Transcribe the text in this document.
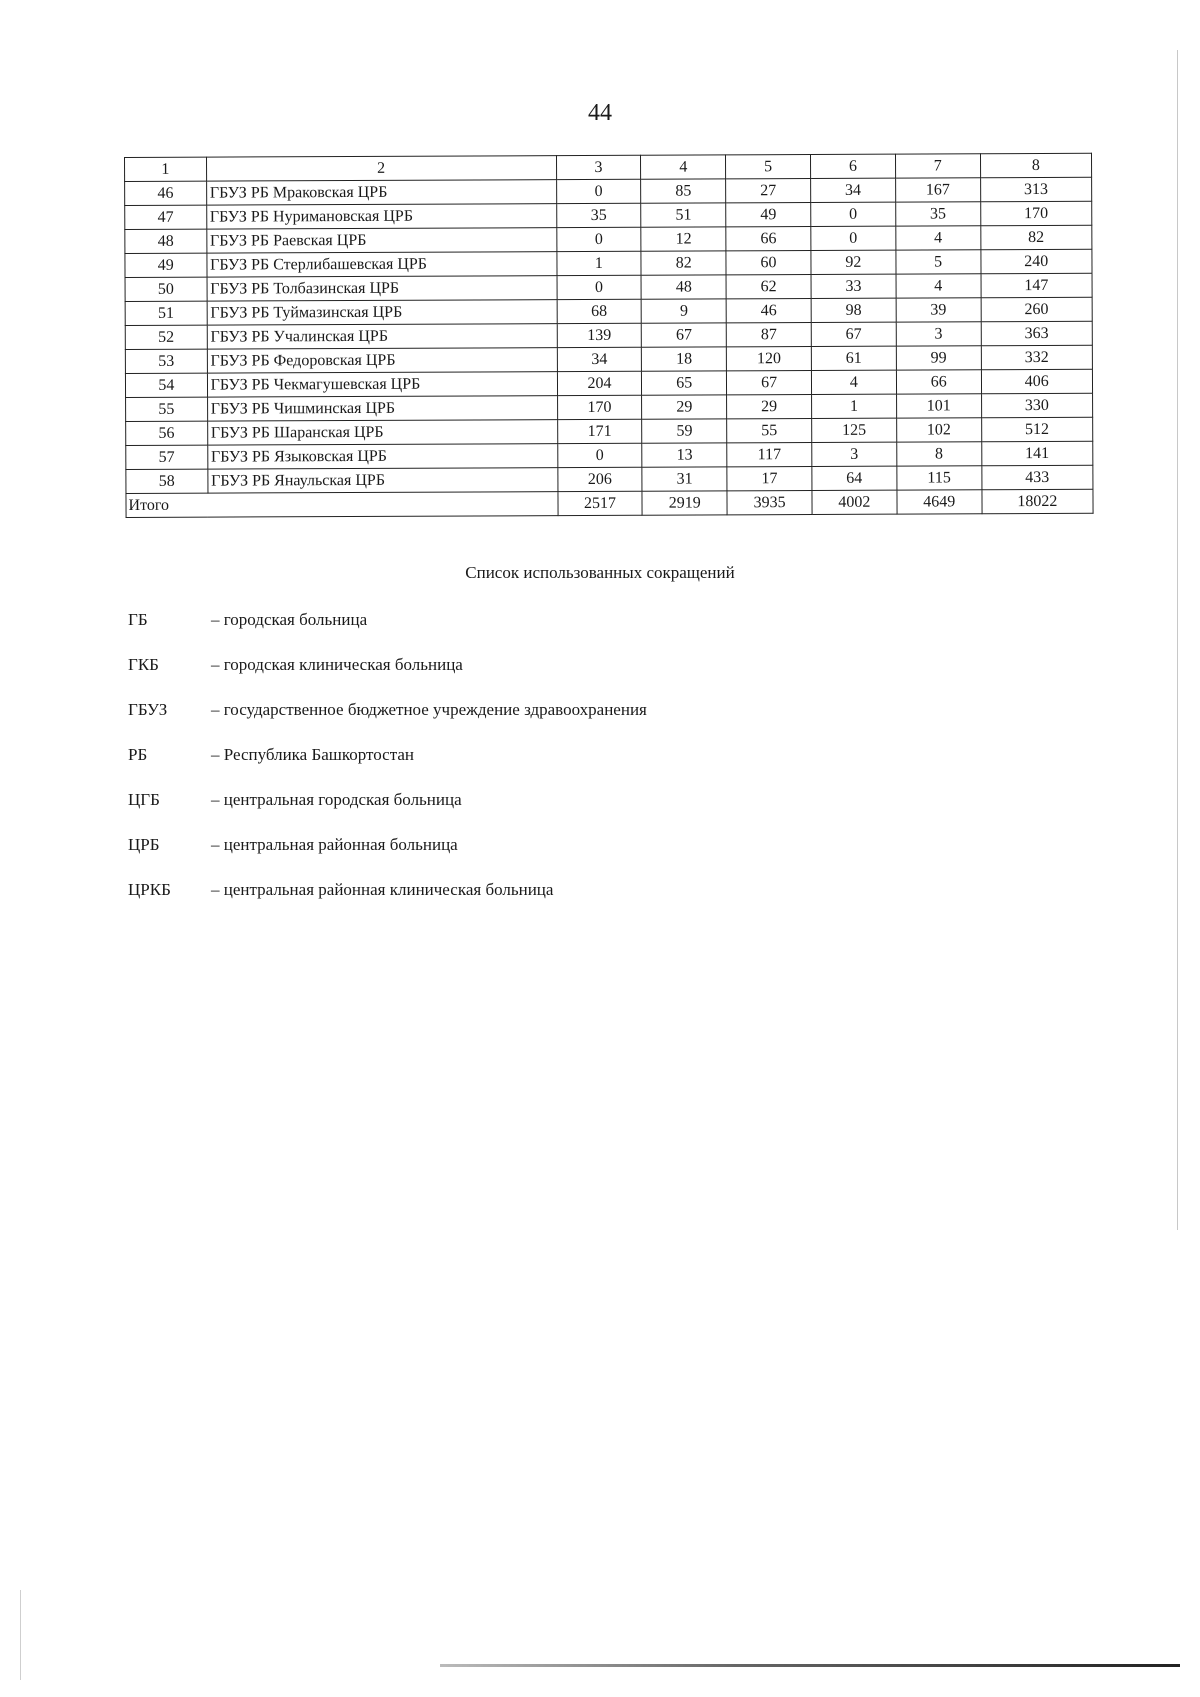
44
1	2	3	4	5	6	7	8
46	ГБУЗ РБ Мраковская ЦРБ	0	85	27	34	167	313
47	ГБУЗ РБ Нуримановская ЦРБ	35	51	49	0	35	170
48	ГБУЗ РБ Раевская ЦРБ	0	12	66	0	4	82
49	ГБУЗ РБ Стерлибашевская ЦРБ	1	82	60	92	5	240
50	ГБУЗ РБ Толбазинская ЦРБ	0	48	62	33	4	147
51	ГБУЗ РБ Туймазинская ЦРБ	68	9	46	98	39	260
52	ГБУЗ РБ Учалинская ЦРБ	139	67	87	67	3	363
53	ГБУЗ РБ Федоровская ЦРБ	34	18	120	61	99	332
54	ГБУЗ РБ Чекмагушевская ЦРБ	204	65	67	4	66	406
55	ГБУЗ РБ Чишминская ЦРБ	170	29	29	1	101	330
56	ГБУЗ РБ Шаранская ЦРБ	171	59	55	125	102	512
57	ГБУЗ РБ Языковская ЦРБ	0	13	117	3	8	141
58	ГБУЗ РБ Янаульская ЦРБ	206	31	17	64	115	433
Итого		2517	2919	3935	4002	4649	18022
Список использованных сокращений
ГБ	– городская больница
ГКБ	– городская клиническая больница
ГБУЗ	– государственное бюджетное учреждение здравоохранения
РБ	– Республика Башкортостан
ЦГБ	– центральная городская больница
ЦРБ	– центральная районная больница
ЦРКБ – центральная районная клиническая больница
